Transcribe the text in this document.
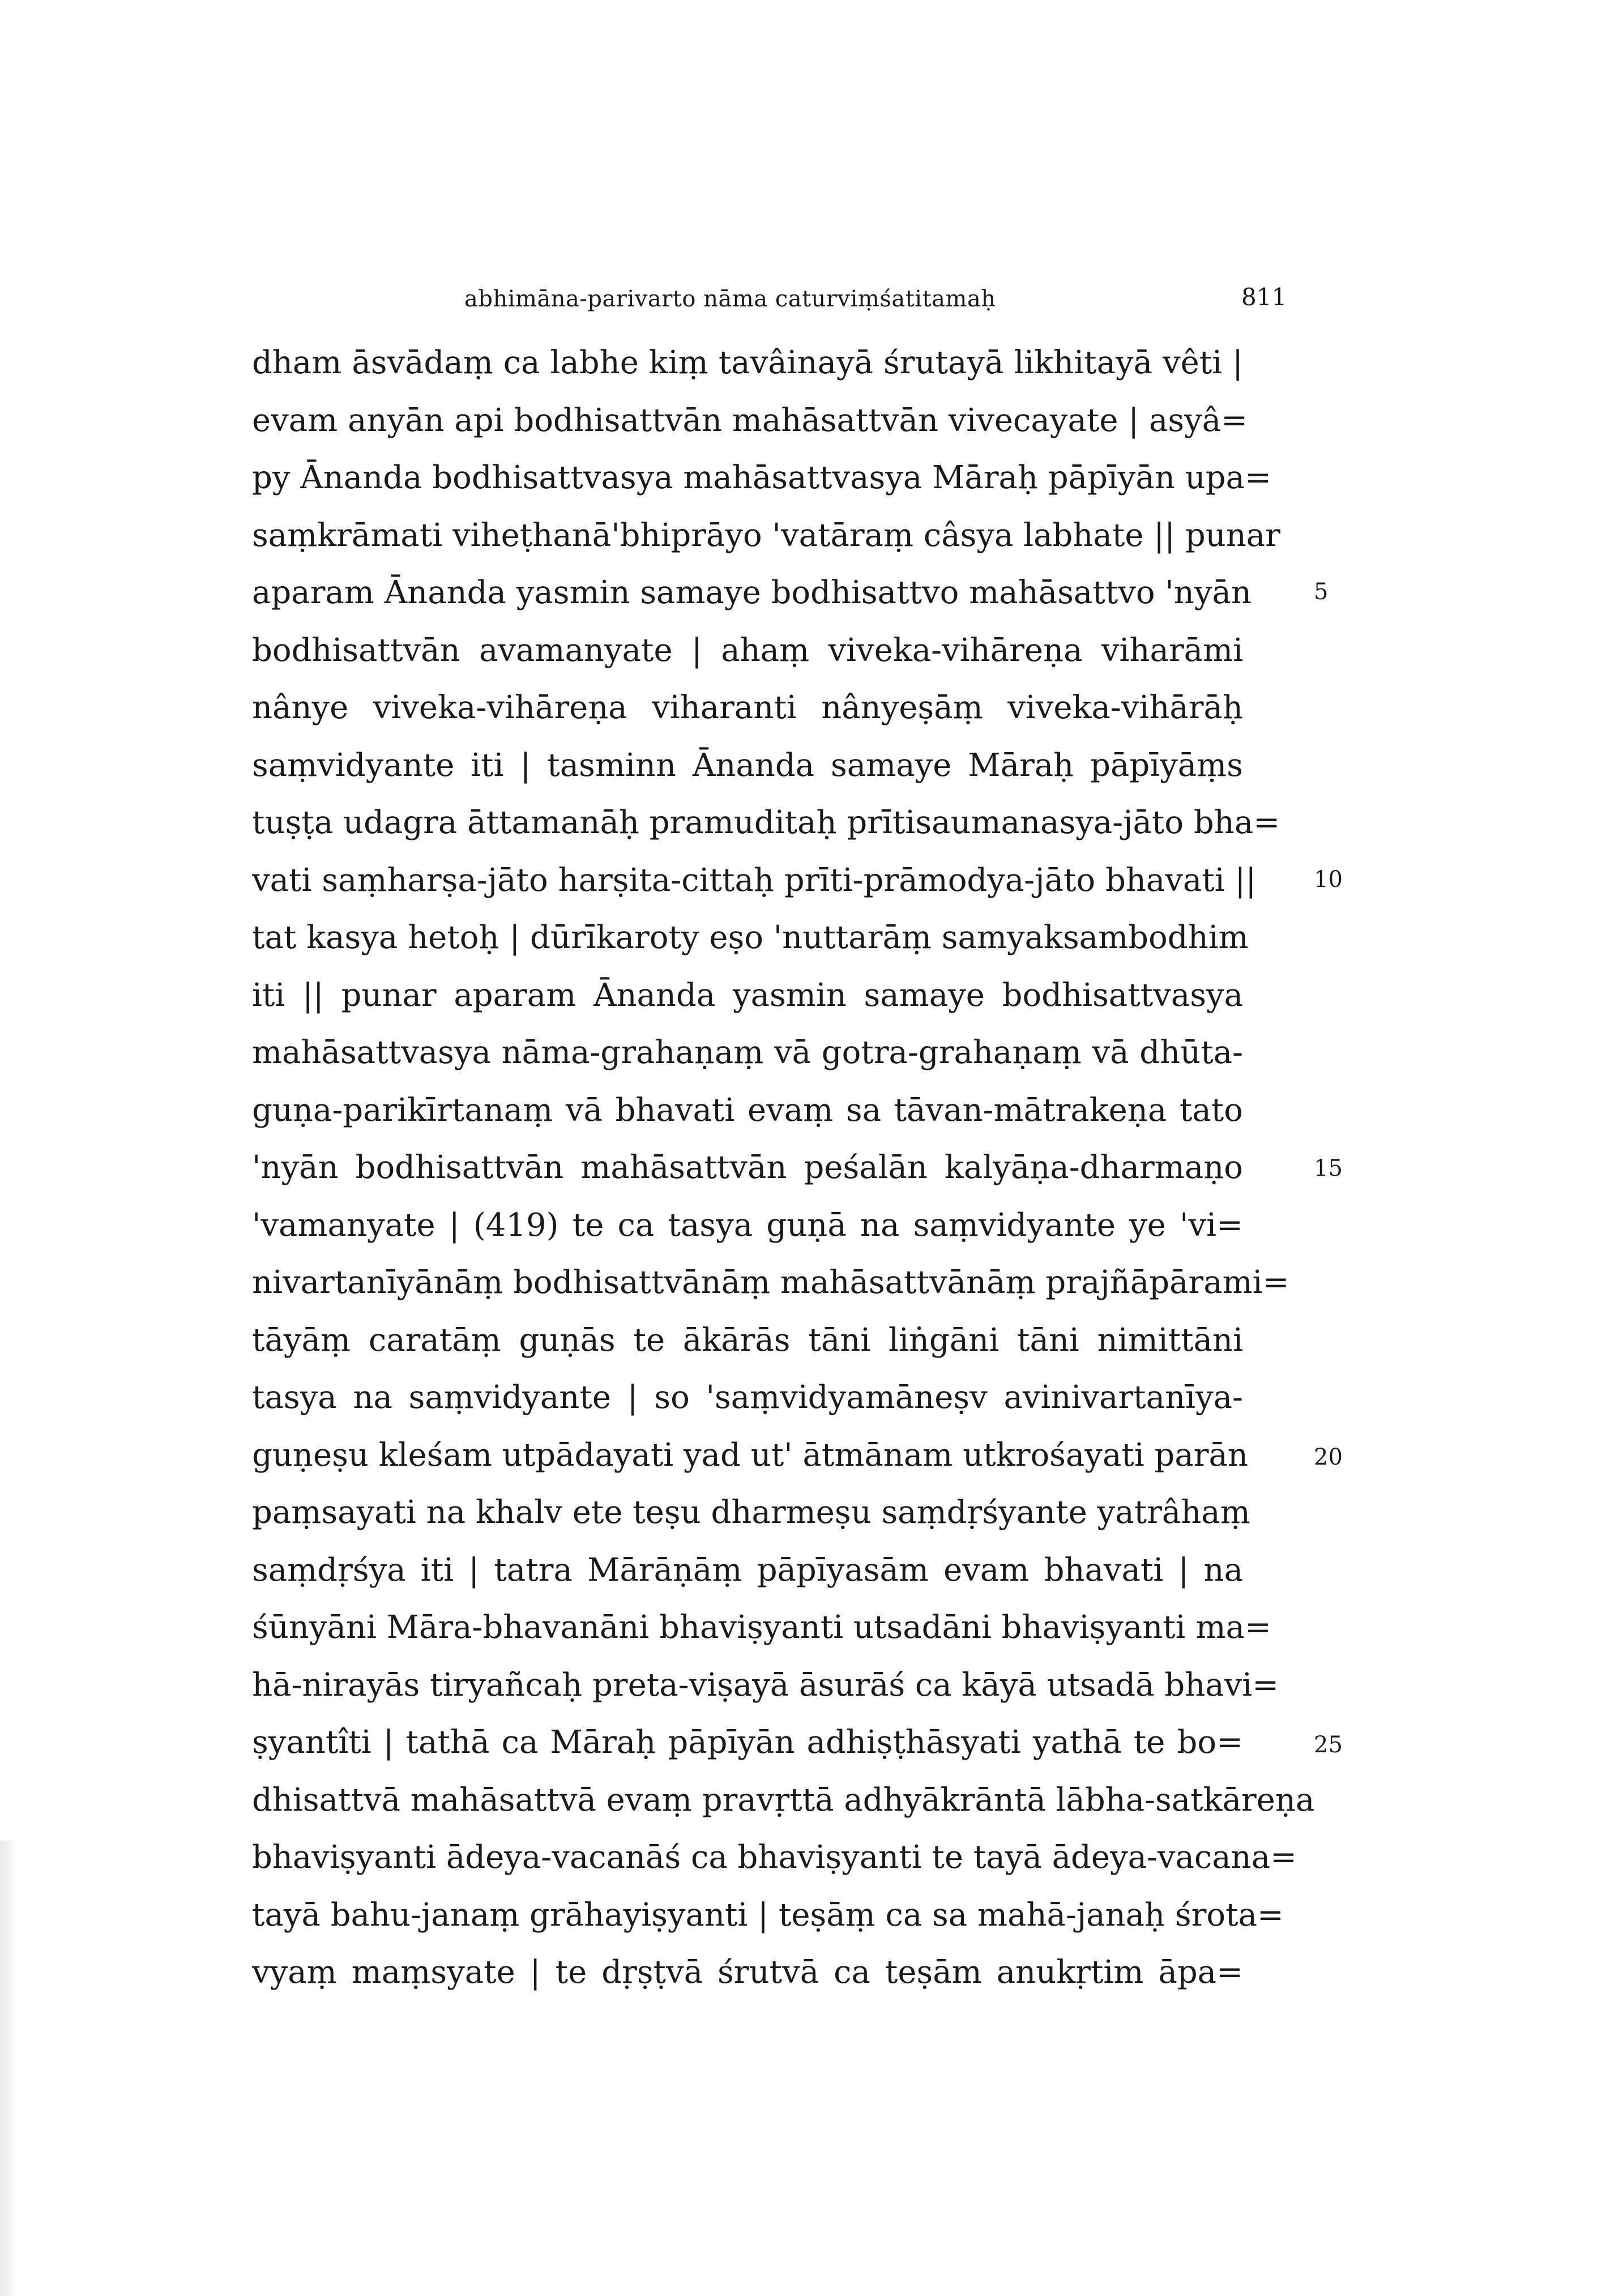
abhimāna-parivarto nāma caturviṃśatitamaḥ	811
dham āsvādaṃ ca labhe kiṃ tavâinayā śrutayā likhitayā vêti |
evam anyān api bodhisattvān mahāsattvān vivecayate | asyâ=
py Ānanda bodhisattvasya mahāsattvasya Māraḥ pāpīyān upa=
saṃkrāmati viheṭhanā'bhiprāyo 'vatāraṃ câsya labhate || punar
aparam Ānanda yasmin samaye bodhisattvo mahāsattvo 'nyān
bodhisattvān avamanyate | ahaṃ viveka-vihāreṇa viharāmi
nânye viveka-vihāreṇa viharanti nânyeṣāṃ viveka-vihārāḥ
saṃvidyante iti | tasminn Ānanda samaye Māraḥ pāpīyāṃs
tuṣṭa udagra āttamanāḥ pramuditaḥ prītisaumanasya-jāto bha=
vati saṃharṣa-jāto harṣita-cittaḥ prīti-prāmodya-jāto bhavati ||
tat kasya hetoḥ | dūrīkaroty eṣo 'nuttarāṃ samyaksambodhim
iti || punar aparam Ānanda yasmin samaye bodhisattvasya
mahāsattvasya nāma-grahaṇaṃ vā gotra-grahaṇaṃ vā dhūta-
guṇa-parikīrtanaṃ vā bhavati evaṃ sa tāvan-mātrakeṇa tato
'nyān bodhisattvān mahāsattvān peśalān kalyāṇa-dharmaṇo
'vamanyate | (419) te ca tasya guṇā na saṃvidyante ye 'vi=
nivartanīyānāṃ bodhisattvānāṃ mahāsattvānāṃ prajñāpārami=
tāyāṃ caratāṃ guṇās te ākārās tāni liṅgāni tāni nimittāni
tasya na saṃvidyante | so 'saṃvidyamāneṣv avinivartanīya-
guṇeṣu kleśam utpādayati yad ut' ātmānam utkrośayati parān
paṃsayati na khalv ete teṣu dharmeṣu saṃdṛśyante yatrâhaṃ
saṃdṛśya iti | tatra Mārāṇāṃ pāpīyasām evam bhavati | na
śūnyāni Māra-bhavanāni bhaviṣyanti utsadāni bhaviṣyanti ma=
hā-nirayās tiryañcaḥ preta-viṣayā āsurāś ca kāyā utsadā bhavi=
ṣyantîti | tathā ca Māraḥ pāpīyān adhiṣṭhāsyati yathā te bo=
dhisattvā mahāsattvā evaṃ pravṛttā adhyākrāntā lābha-satkāreṇa
bhaviṣyanti ādeya-vacanāś ca bhaviṣyanti te tayā ādeya-vacana=
tayā bahu-janaṃ grāhayiṣyanti | teṣāṃ ca sa mahā-janaḥ śrota=
vyaṃ maṃsyate | te dṛṣṭvā śrutvā ca teṣām anukṛtim āpa=
5
10
15
20
25
